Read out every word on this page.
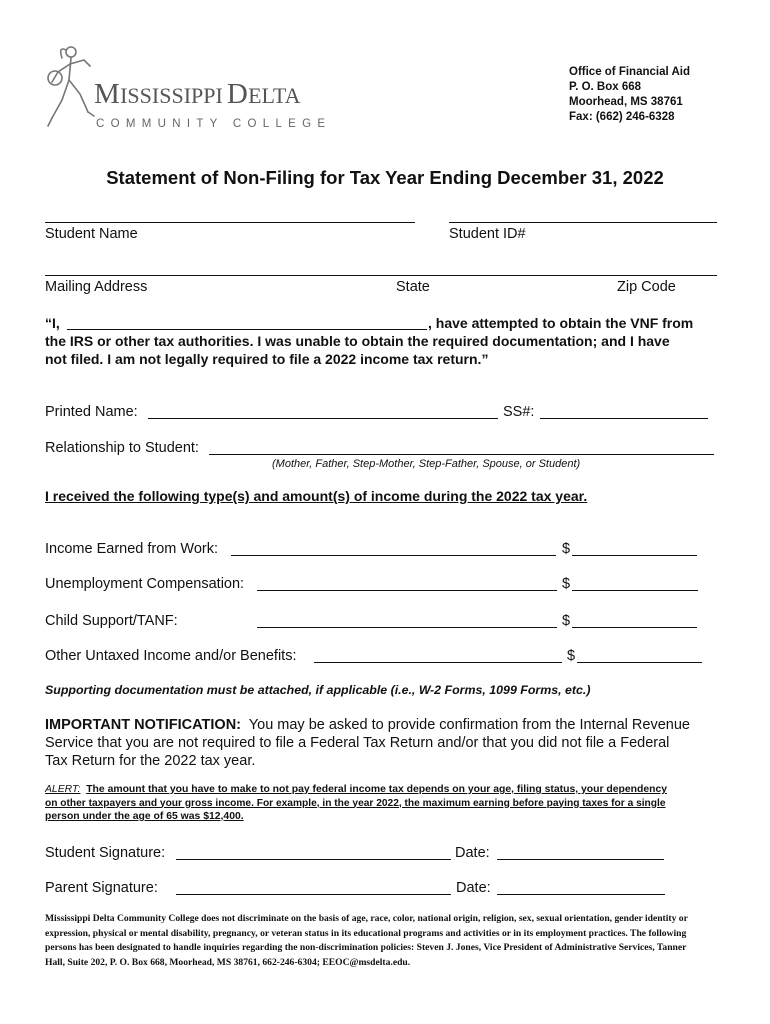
MISSISSIPPI DELTA
COMMUNITY COLLEGE
Office of Financial Aid
P. O. Box 668
Moorhead, MS 38761
Fax: (662) 246-6328
Statement of Non-Filing for Tax Year Ending December 31, 2022
Student Name	Student ID#
Mailing Address	State	Zip Code
“I,	, have attempted to obtain the VNF from
the IRS or other tax authorities. I was unable to obtain the required documentation; and I have
not filed. I am not legally required to file a 2022 income tax return.”
Printed Name:	SS#:
Relationship to Student:
(Mother, Father, Step-Mother, Step-Father, Spouse, or Student)
I received the following type(s) and amount(s) of income during the 2022 tax year.
Income Earned from Work:	$
Unemployment Compensation:	$
Child Support/TANF:	$
Other Untaxed Income and/or Benefits:	$
Supporting documentation must be attached, if applicable (i.e., W-2 Forms, 1099 Forms, etc.)
IMPORTANT NOTIFICATION: You may be asked to provide confirmation from the Internal Revenue
Service that you are not required to file a Federal Tax Return and/or that you did not file a Federal
Tax Return for the 2022 tax year.
ALERT: The amount that you have to make to not pay federal income tax depends on your age, filing status, your dependency
on other taxpayers and your gross income. For example, in the year 2022, the maximum earning before paying taxes for a single
person under the age of 65 was $12,400.
Student Signature:	Date:
Parent Signature:	Date:
Mississippi Delta Community College does not discriminate on the basis of age, race, color, national origin, religion, sex, sexual orientation, gender identity or
expression, physical or mental disability, pregnancy, or veteran status in its educational programs and activities or in its employment practices. The following
persons has been designated to handle inquiries regarding the non-discrimination policies: Steven J. Jones, Vice President of Administrative Services, Tanner
Hall, Suite 202, P. O. Box 668, Moorhead, MS 38761, 662-246-6304; EEOC@msdelta.edu.
